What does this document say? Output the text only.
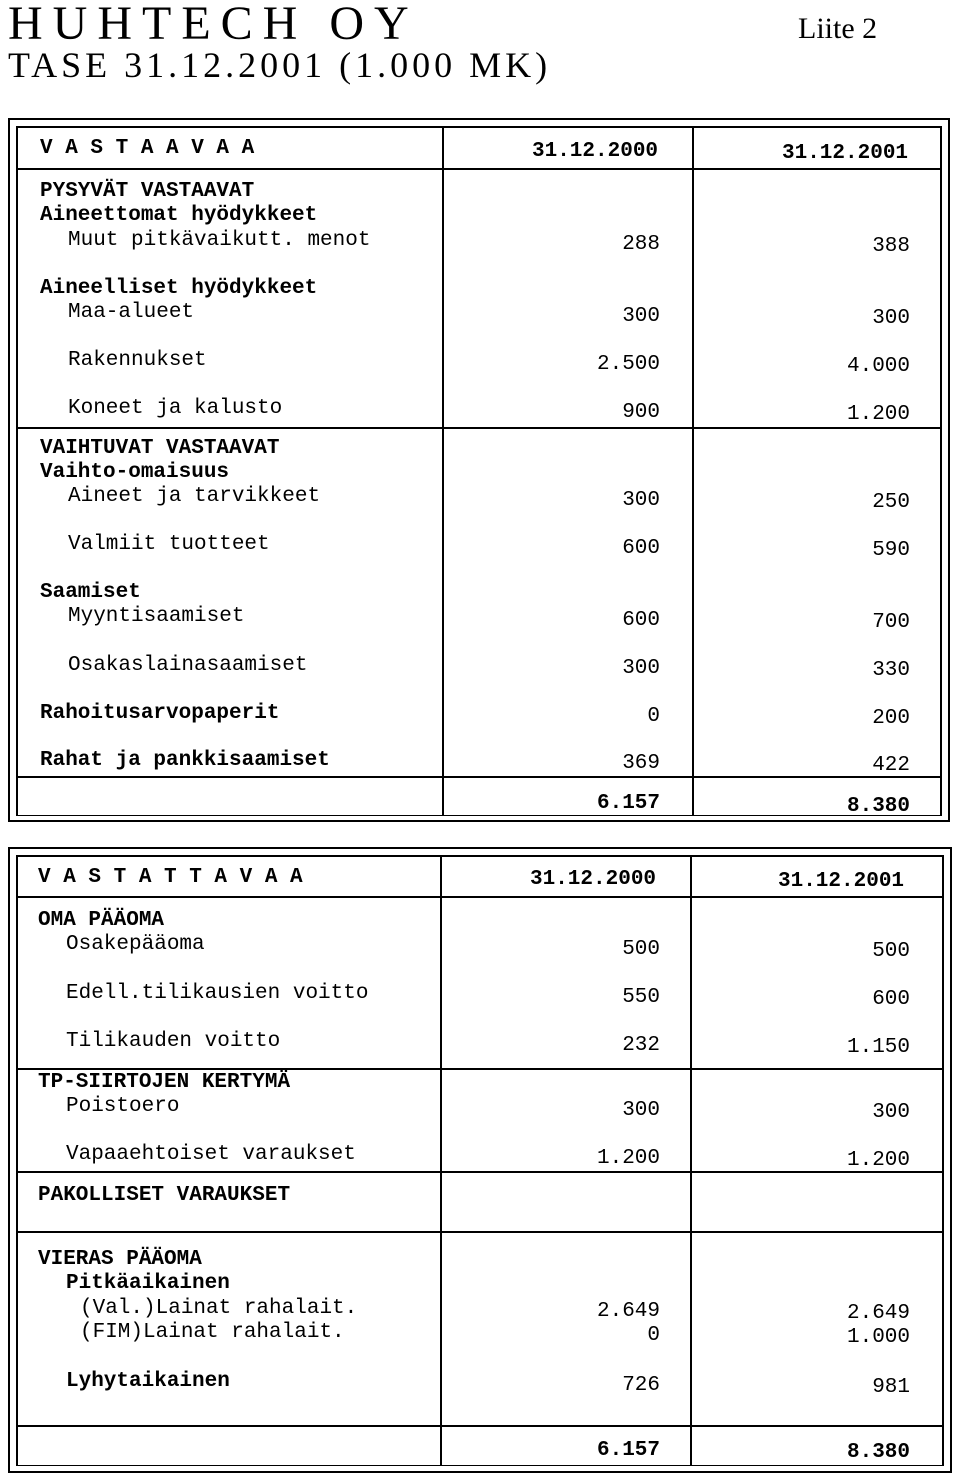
HUHTECH OY
TASE 31.12.2001 (1.000 MK)
Liite 2
V A S T A A V A A	31.12.2000	31.12.2001
PYSYVÄT VASTAAVAT
Aineettomat hyödykkeet
Muut pitkävaikutt. menot	288	388
Aineelliset hyödykkeet
Maa-alueet	300	300
Rakennukset	2.500	4.000
Koneet ja kalusto	900	1.200
VAIHTUVAT VASTAAVAT
Vaihto-omaisuus
Aineet ja tarvikkeet	300	250
Valmiit tuotteet	600	590
Saamiset
Myyntisaamiset	600	700
Osakaslainasaamiset	300	330
Rahoitusarvopaperit	0	200
Rahat ja pankkisaamiset	369	422
6.157	8.380
V A S T A T T A V A A	31.12.2000	31.12.2001
OMA PÄÄOMA
Osakepääoma	500	500
Edell.tilikausien voitto	550	600
Tilikauden voitto	232	1.150
TP-SIIRTOJEN KERTYMÄ
Poistoero	300	300
Vapaaehtoiset varaukset	1.200	1.200
PAKOLLISET VARAUKSET
VIERAS PÄÄOMA
Pitkäaikainen
(Val.)Lainat rahalait.	2.649	2.649
(FIM)Lainat rahalait.	0	1.000
Lyhytaikainen	726	981
6.157	8.380
